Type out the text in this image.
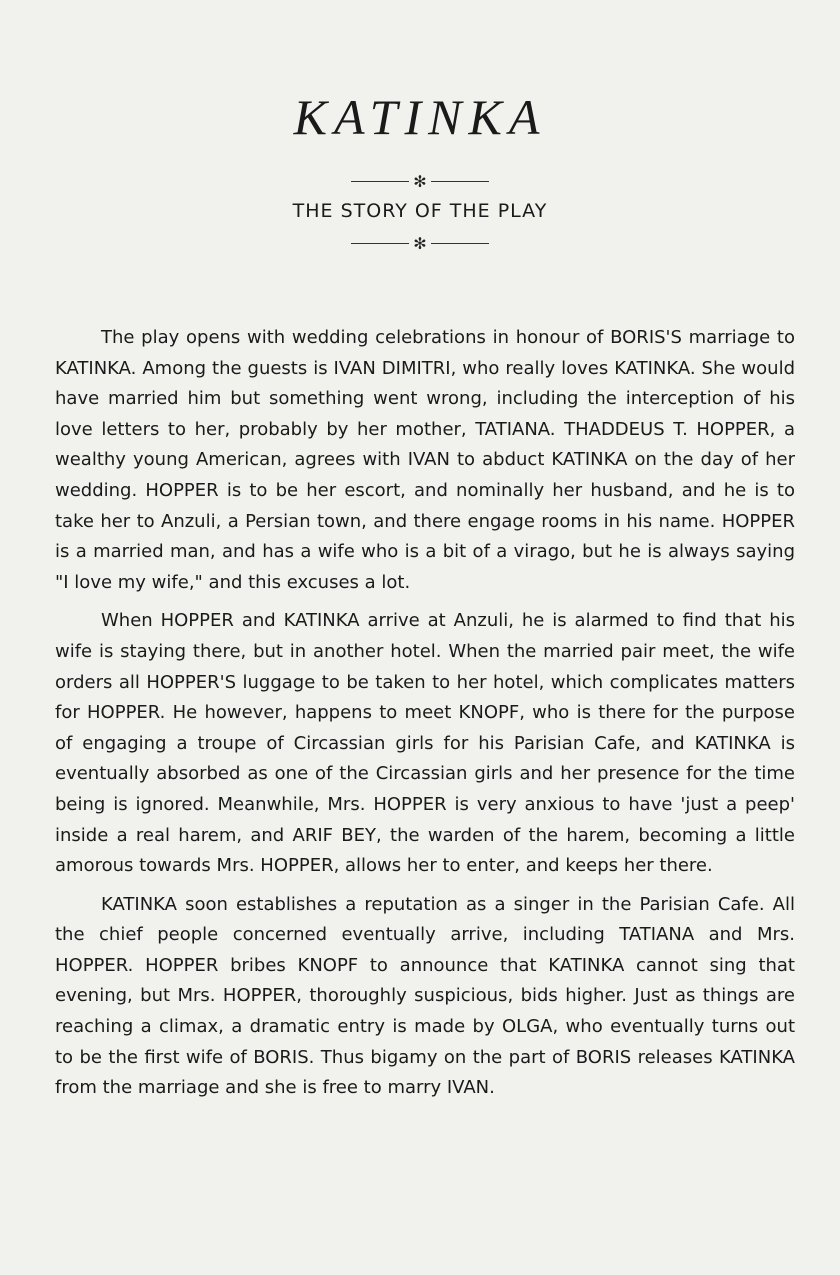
KATINKA
✻
THE STORY OF THE PLAY
✻

The play opens with wedding celebrations in honour of BORIS'S marriage to KATINKA. Among the guests is IVAN DIMITRI, who really loves KATINKA. She would have married him but something went wrong, including the interception of his love letters to her, probably by her mother, TATIANA. THADDEUS T. HOPPER, a wealthy young American, agrees with IVAN to abduct KATINKA on the day of her wedding. HOPPER is to be her escort, and nominally her husband, and he is to take her to Anzuli, a Persian town, and there engage rooms in his name. HOPPER is a married man, and has a wife who is a bit of a virago, but he is always saying "I love my wife," and this excuses a lot.

When HOPPER and KATINKA arrive at Anzuli, he is alarmed to find that his wife is staying there, but in another hotel. When the married pair meet, the wife orders all HOPPER'S luggage to be taken to her hotel, which complicates matters for HOPPER. He however, happens to meet KNOPF, who is there for the purpose of engaging a troupe of Circassian girls for his Parisian Cafe, and KATINKA is eventually absorbed as one of the Circassian girls and her presence for the time being is ignored. Meanwhile, Mrs. HOPPER is very anxious to have 'just a peep' inside a real harem, and ARIF BEY, the warden of the harem, becoming a little amorous towards Mrs. HOPPER, allows her to enter, and keeps her there.

KATINKA soon establishes a reputation as a singer in the Parisian Cafe. All the chief people concerned eventually arrive, including TATIANA and Mrs. HOPPER. HOPPER bribes KNOPF to announce that KATINKA cannot sing that evening, but Mrs. HOPPER, thoroughly suspicious, bids higher. Just as things are reaching a climax, a dramatic entry is made by OLGA, who eventually turns out to be the first wife of BORIS. Thus bigamy on the part of BORIS releases KATINKA from the marriage and she is free to marry IVAN.
